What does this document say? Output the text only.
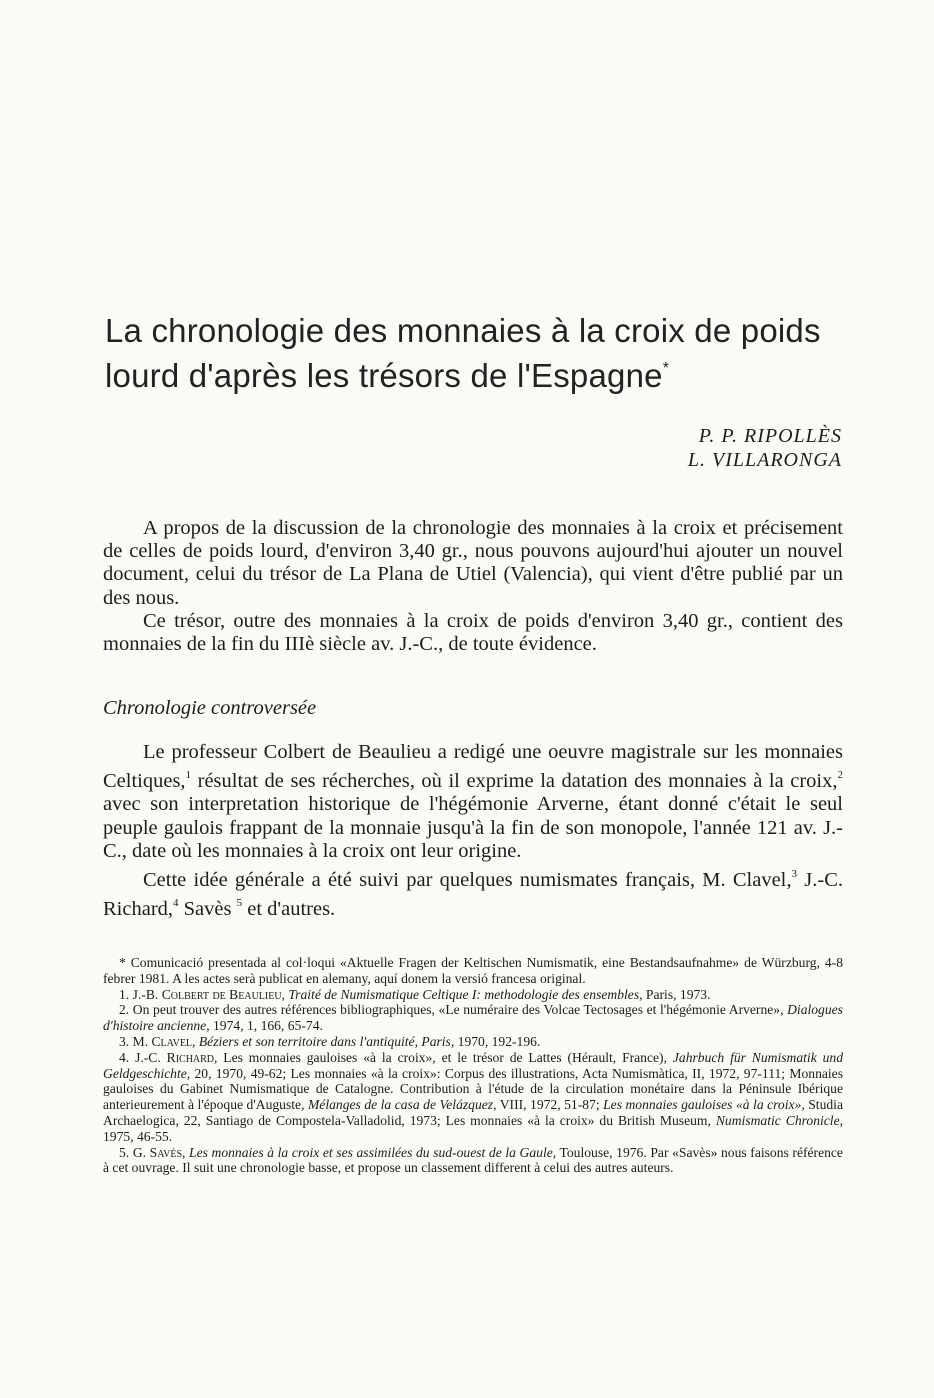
La chronologie des monnaies à la croix de poids lourd d'après les trésors de l'Espagne*
P. P. RIPOLLÈS
L. VILLARONGA

A propos de la discussion de la chronologie des monnaies à la croix et précisement de celles de poids lourd, d'environ 3,40 gr., nous pouvons aujourd'hui ajouter un nouvel document, celui du trésor de La Plana de Utiel (Valencia), qui vient d'être publié par un des nous.

Ce trésor, outre des monnaies à la croix de poids d'environ 3,40 gr., contient des monnaies de la fin du IIIè siècle av. J.-C., de toute évidence.

Chronologie controversée

Le professeur Colbert de Beaulieu a redigé une oeuvre magistrale sur les monnaies Celtiques,$^1$ résultat de ses récherches, où il exprime la datation des monnaies à la croix,$^2$ avec son interpretation historique de l'hégémonie Arverne, étant donné c'était le seul peuple gaulois frappant de la monnaie jusqu'à la fin de son monopole, l'année 121 av. J.-C., date où les monnaies à la croix ont leur origine.

Cette idée générale a été suivi par quelques numismates français, M. Clavel,$^3$ J.-C. Richard,$^4$ Savès $^5$ et d'autres.

* Comunicació presentada al col·loqui «Aktuelle Fragen der Keltischen Numismatik, eine Bestandsaufnahme» de Würzburg, 4-8 febrer 1981. A les actes serà publicat en alemany, aquí donem la versió francesa original.

1. J.-B. Colbert de Beaulieu, Traité de Numismatique Celtique I: methodologie des ensembles, Paris, 1973.

2. On peut trouver des autres références bibliographiques, «Le numéraire des Volcae Tectosages et l'hégémonie Arverne», Dialogues d'histoire ancienne, 1974, 1, 166, 65-74.

3. M. Clavel, Béziers et son territoire dans l'antiquité, Paris, 1970, 192-196.

4. J.-C. Richard, Les monnaies gauloises «à la croix», et le trésor de Lattes (Hérault, France), Jahrbuch für Numismatik und Geldgeschichte, 20, 1970, 49-62; Les monnaies «à la croix»: Corpus des illustrations, Acta Numismàtica, II, 1972, 97-111; Monnaies gauloises du Gabinet Numismatique de Catalogne. Contribution à l'étude de la circulation monétaire dans la Péninsule Ibérique anterieurement à l'époque d'Auguste, Mélanges de la casa de Velázquez, VIII, 1972, 51-87; Les monnaies gauloises «à la croix», Studia Archaelogica, 22, Santiago de Compostela-Valladolid, 1973; Les monnaies «à la croix» du British Museum, Numismatic Chronicle, 1975, 46-55.

5. G. Savès, Les monnaies à la croix et ses assimilées du sud-ouest de la Gaule, Toulouse, 1976. Par «Savès» nous faisons référence à cet ouvrage. Il suit une chronologie basse, et propose un classement different à celui des autres auteurs.
